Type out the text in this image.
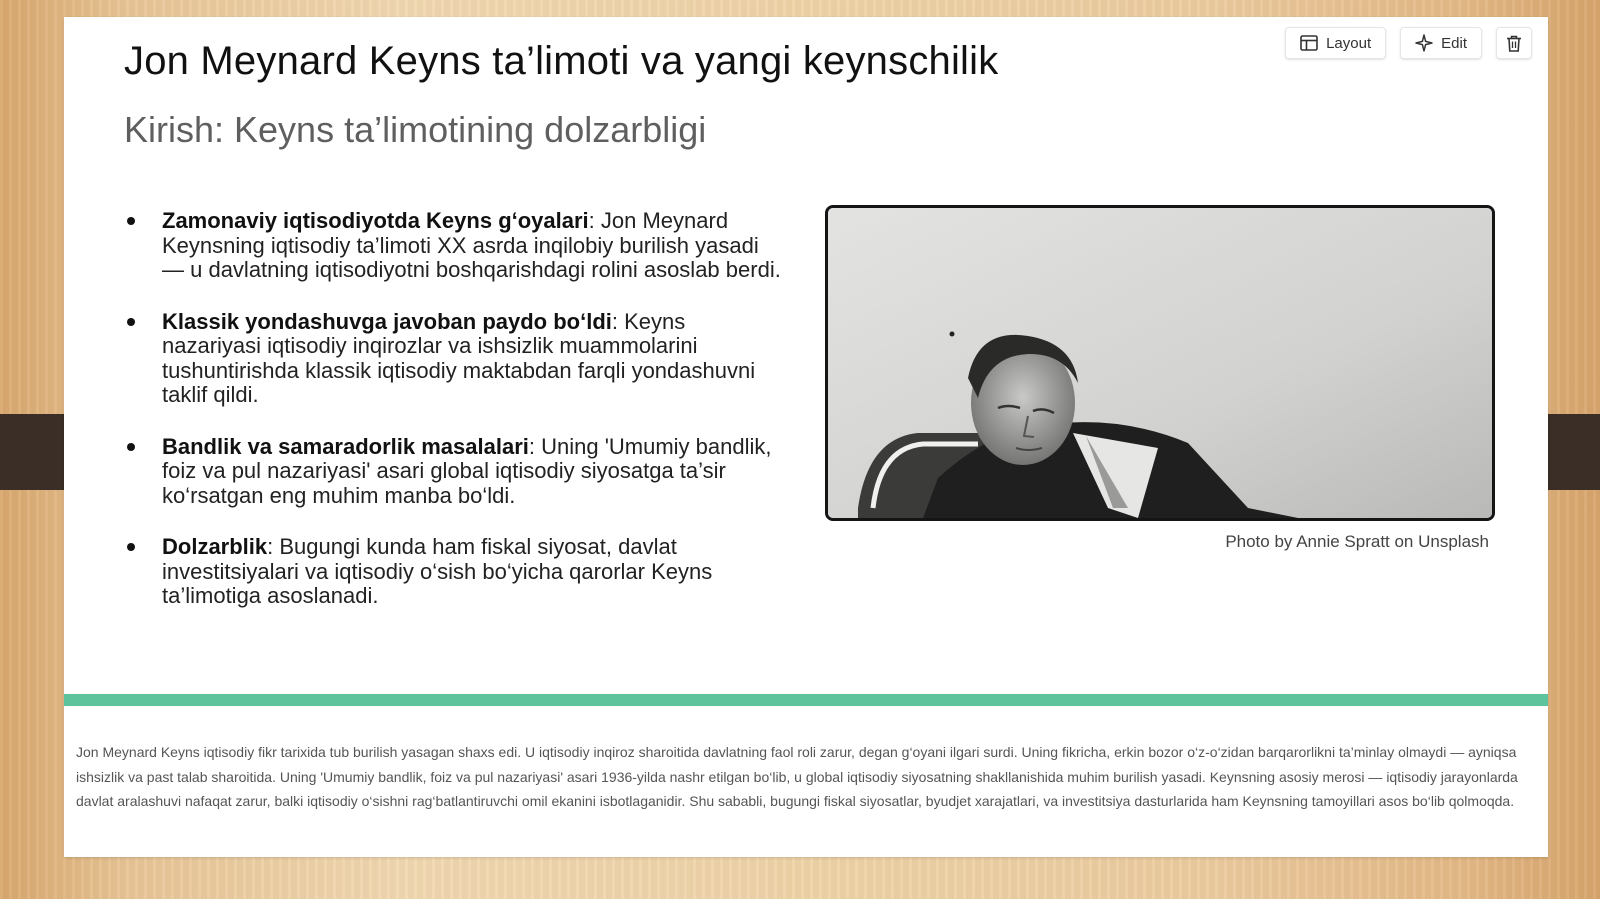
Layout	Edit
Jon Meynard Keyns ta’limoti va yangi keynschilik
Kirish: Keyns ta’limotining dolzarbligi
Zamonaviy iqtisodiyotda Keyns g‘oyalari: Jon Meynard Keynsning iqtisodiy ta’limoti XX asrda inqilobiy burilish yasadi — u davlatning iqtisodiyotni boshqarishdagi rolini asoslab berdi.
Klassik yondashuvga javoban paydo bo‘ldi: Keyns nazariyasi iqtisodiy inqirozlar va ishsizlik muammolarini tushuntirishda klassik iqtisodiy maktabdan farqli yondashuvni taklif qildi.
Bandlik va samaradorlik masalalari: Uning 'Umumiy bandlik, foiz va pul nazariyasi' asari global iqtisodiy siyosatga ta’sir ko‘rsatgan eng muhim manba bo‘ldi.
Dolzarblik: Bugungi kunda ham fiskal siyosat, davlat investitsiyalari va iqtisodiy o‘sish bo‘yicha qarorlar Keyns ta’limotiga asoslanadi.

Photo by Annie Spratt on Unsplash

Jon Meynard Keyns iqtisodiy fikr tarixida tub burilish yasagan shaxs edi. U iqtisodiy inqiroz sharoitida davlatning faol roli zarur, degan g‘oyani ilgari surdi. Uning fikricha, erkin bozor o‘z-o‘zidan barqarorlikni ta’minlay olmaydi — ayniqsa ishsizlik va past talab sharoitida. Uning 'Umumiy bandlik, foiz va pul nazariyasi' asari 1936-yilda nashr etilgan bo‘lib, u global iqtisodiy siyosatning shakllanishida muhim burilish yasadi. Keynsning asosiy merosi — iqtisodiy jarayonlarda davlat aralashuvi nafaqat zarur, balki iqtisodiy o‘sishni rag‘batlantiruvchi omil ekanini isbotlaganidir. Shu sababli, bugungi fiskal siyosatlar, byudjet xarajatlari, va investitsiya dasturlarida ham Keynsning tamoyillari asos bo‘lib qolmoqda.
